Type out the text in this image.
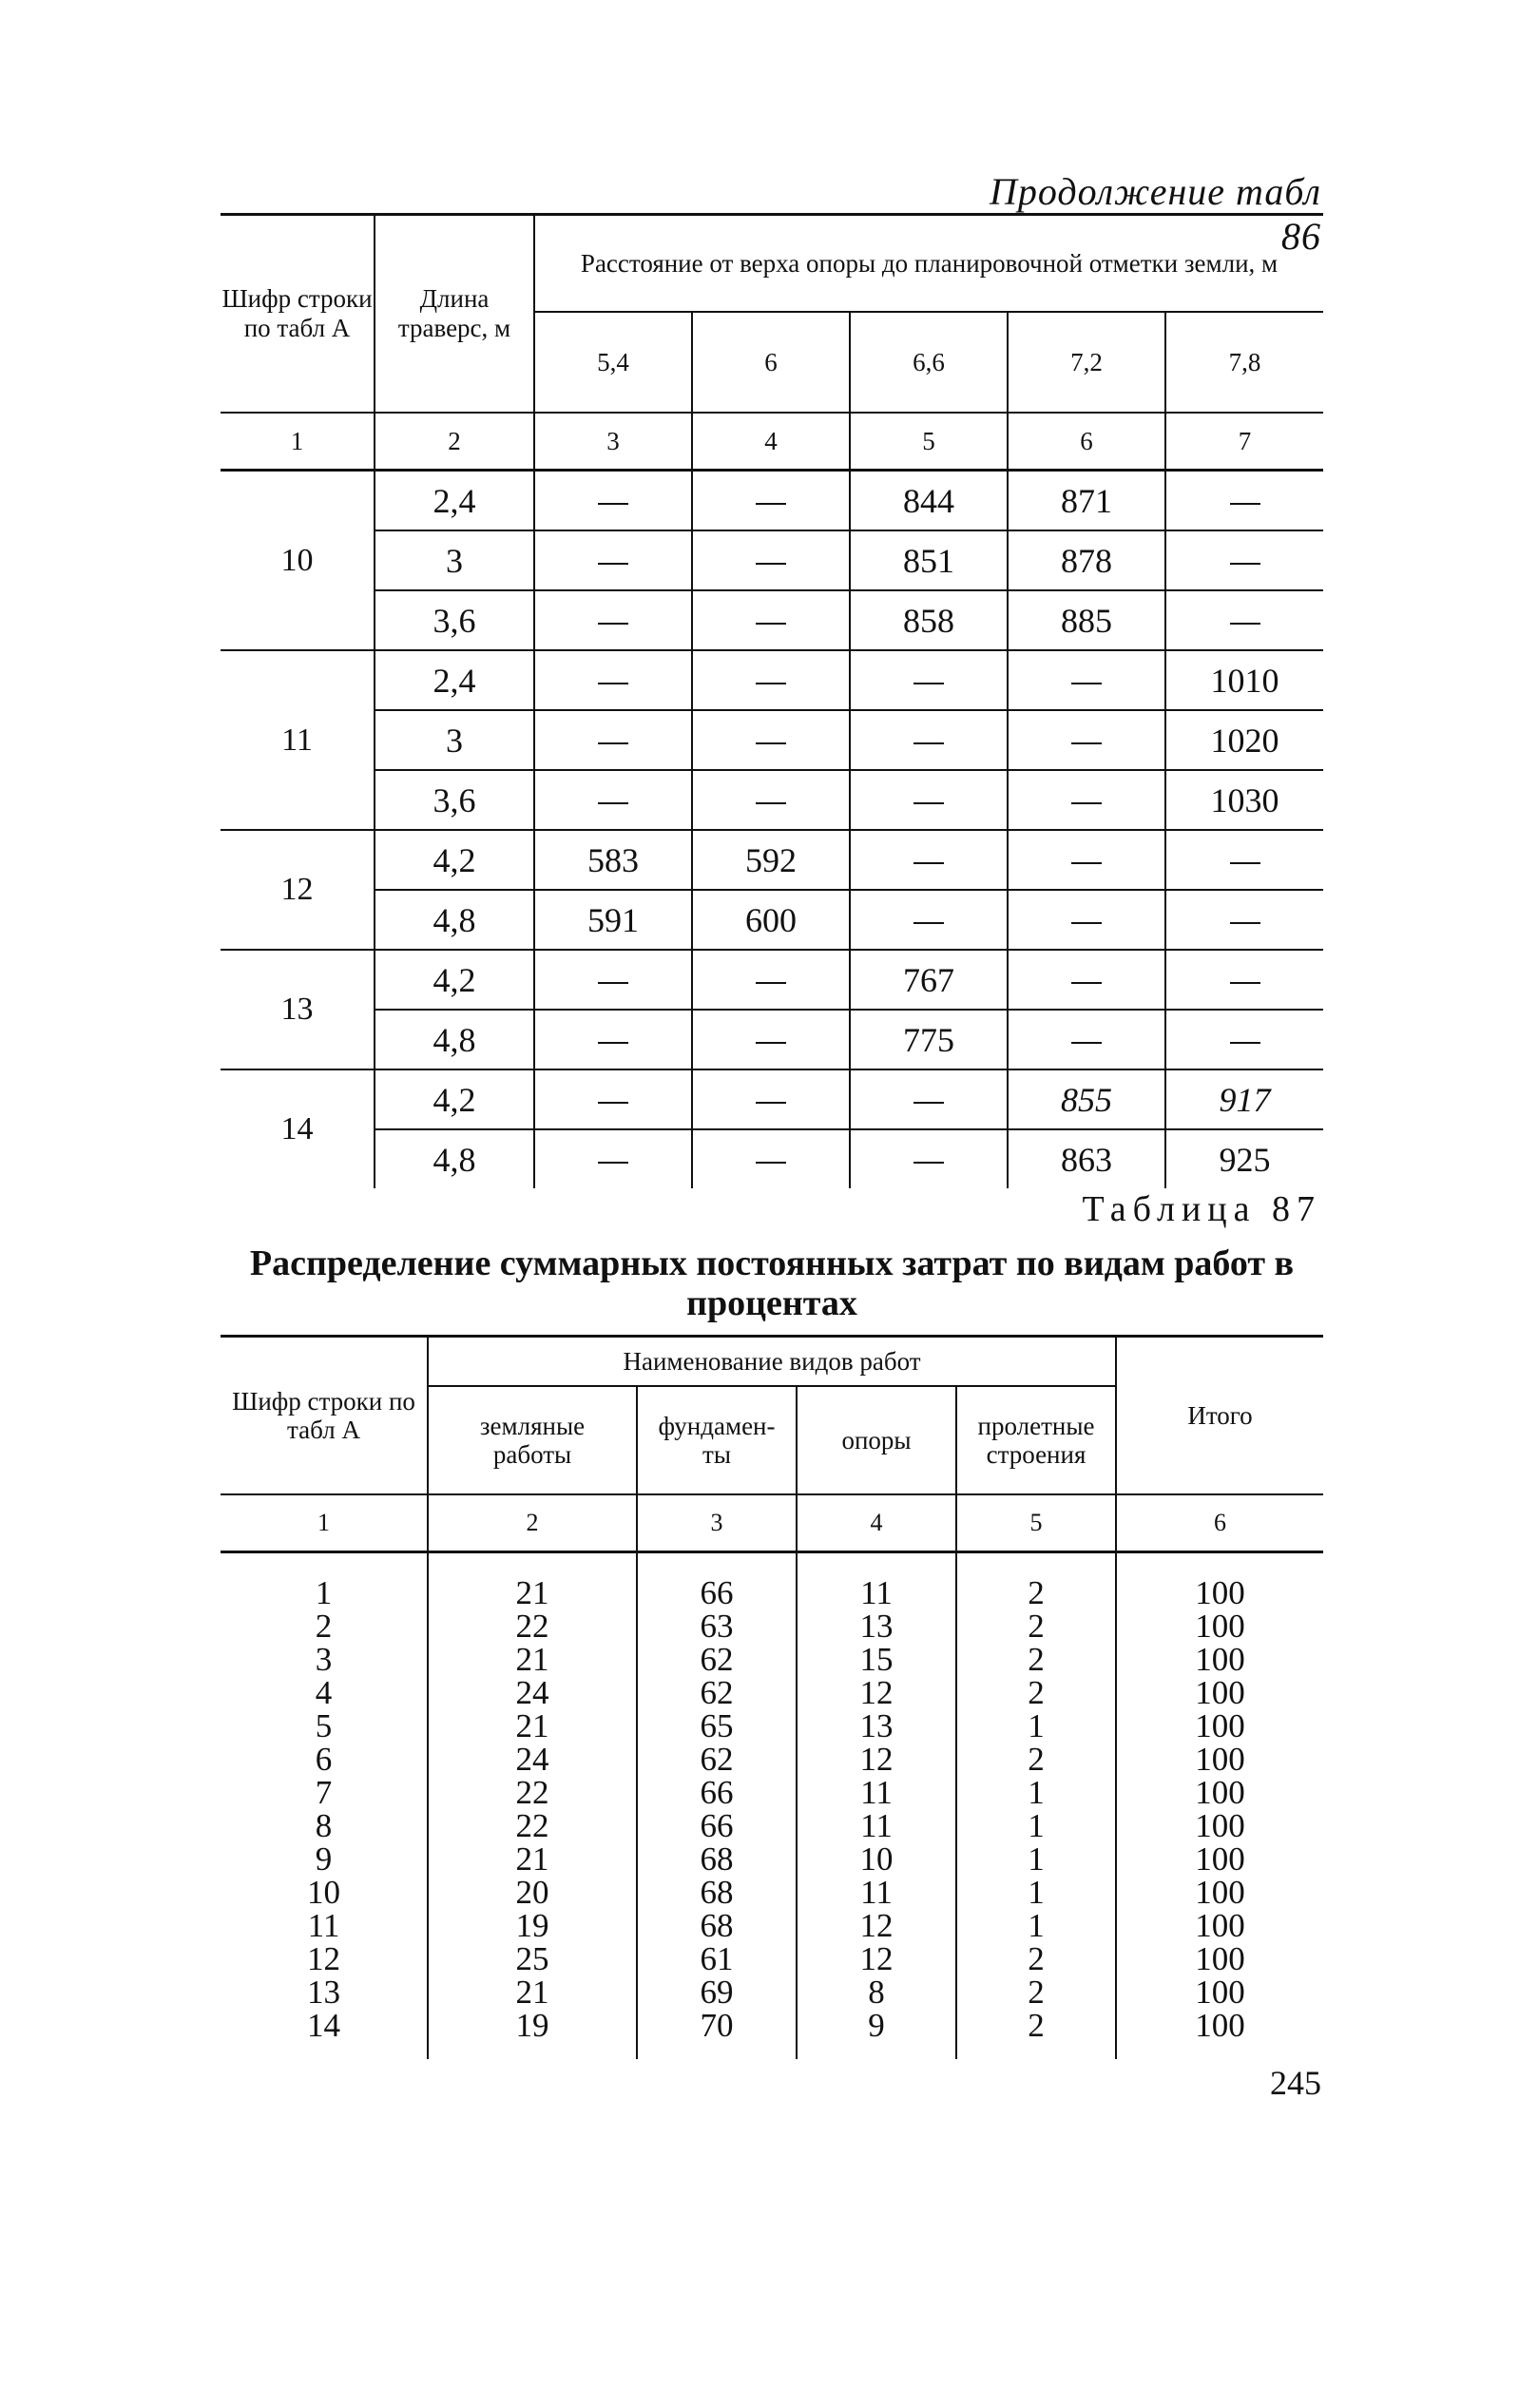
Продолжение табл 86
Шифр строки по табл А	Длина траверс, м	Расстояние от верха опоры до планировочной отметки земли, м				
		5,4	6	6,6	7,2	7,8
1	2	3	4	5	6	7
10	2,4			844	871	
	3			851	878	
	3,6			858	885	
11	2,4					1010
	3					1020
	3,6					1030
12	4,2	583	592			
	4,8	591	600			
13	4,2			767		
	4,8			775		
14	4,2				855	917
	4,8				863	925
Таблица 87
Распределение суммарных постоянных затрат по видам работ в процентах
Шифр строки по табл А	Наименование видов работ				Итого
	земляные работы	фундамен- ты	опоры	пролетные строения	
1	2	3	4	5	6
1	21	66	11	2	100
2	22	63	13	2	100
3	21	62	15	2	100
4	24	62	12	2	100
5	21	65	13	1	100
6	24	62	12	2	100
7	22	66	11	1	100
8	22	66	11	1	100
9	21	68	10	1	100
10	20	68	11	1	100
11	19	68	12	1	100
12	25	61	12	2	100
13	21	69	8	2	100
14	19	70	9	2	100
245
